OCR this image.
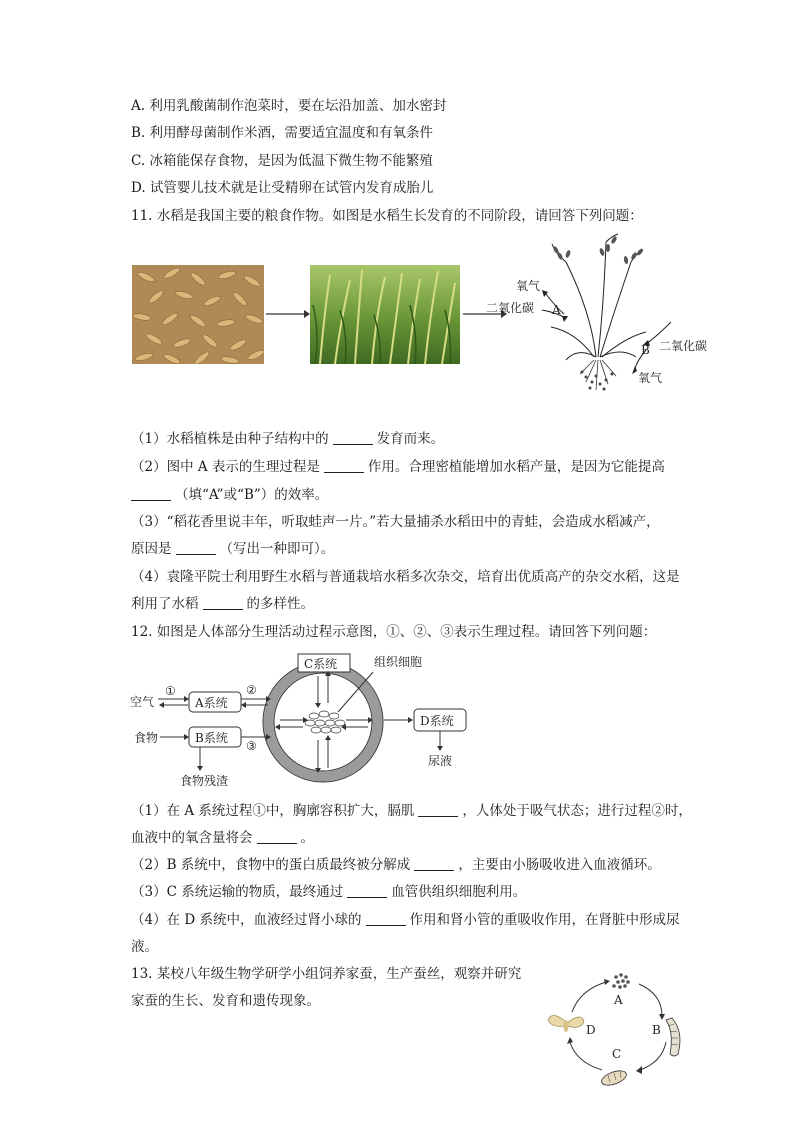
A. 利用乳酸菌制作泡菜时，要在坛沿加盖、加水密封
B. 利用酵母菌制作米酒，需要适宜温度和有氧条件
C. 冰箱能保存食物，是因为低温下微生物不能繁殖
D. 试管婴儿技术就是让受精卵在试管内发育成胎儿
11. 水稻是我国主要的粮食作物。如图是水稻生长发育的不同阶段，请回答下列问题：
氧气
二氧化碳 A
B 二氧化碳
氧气
（1）水稻植株是由种子结构中的	发育而来。
（2）图中 A 表示的生理过程是	作用。合理密植能增加水稻产量，是因为它能提高
（填“A”或“B”）的效率。
（3）“稻花香里说丰年，听取蛙声一片。”若大量捕杀水稻田中的青蛙，会造成水稻减产，
原因是	（写出一种即可）。
（4）袁隆平院士利用野生水稻与普通栽培水稻多次杂交，培育出优质高产的杂交水稻，这是
利用了水稻	的多样性。
12. 如图是人体部分生理活动过程示意图，①、②、③表示生理过程。请回答下列问题：
C系统	组织细胞
空气
①
A系统
②
食物	B系统
③
食物残渣
D系统
尿液
（1）在 A 系统过程①中，胸廓容积扩大，膈肌	，人体处于吸气状态；进行过程②时，
血液中的氧含量将会	。
（2）B 系统中，食物中的蛋白质最终被分解成	，主要由小肠吸收进入血液循环。
（3）C 系统运输的物质，最终通过	血管供组织细胞利用。
（4）在 D 系统中，血液经过肾小球的	作用和肾小管的重吸收作用，在肾脏中形成尿
液。
13. 某校八年级生物学研学小组饲养家蚕，生产蚕丝，观察并研究
家蚕的生长、发育和遗传现象。	A
B
C
D
